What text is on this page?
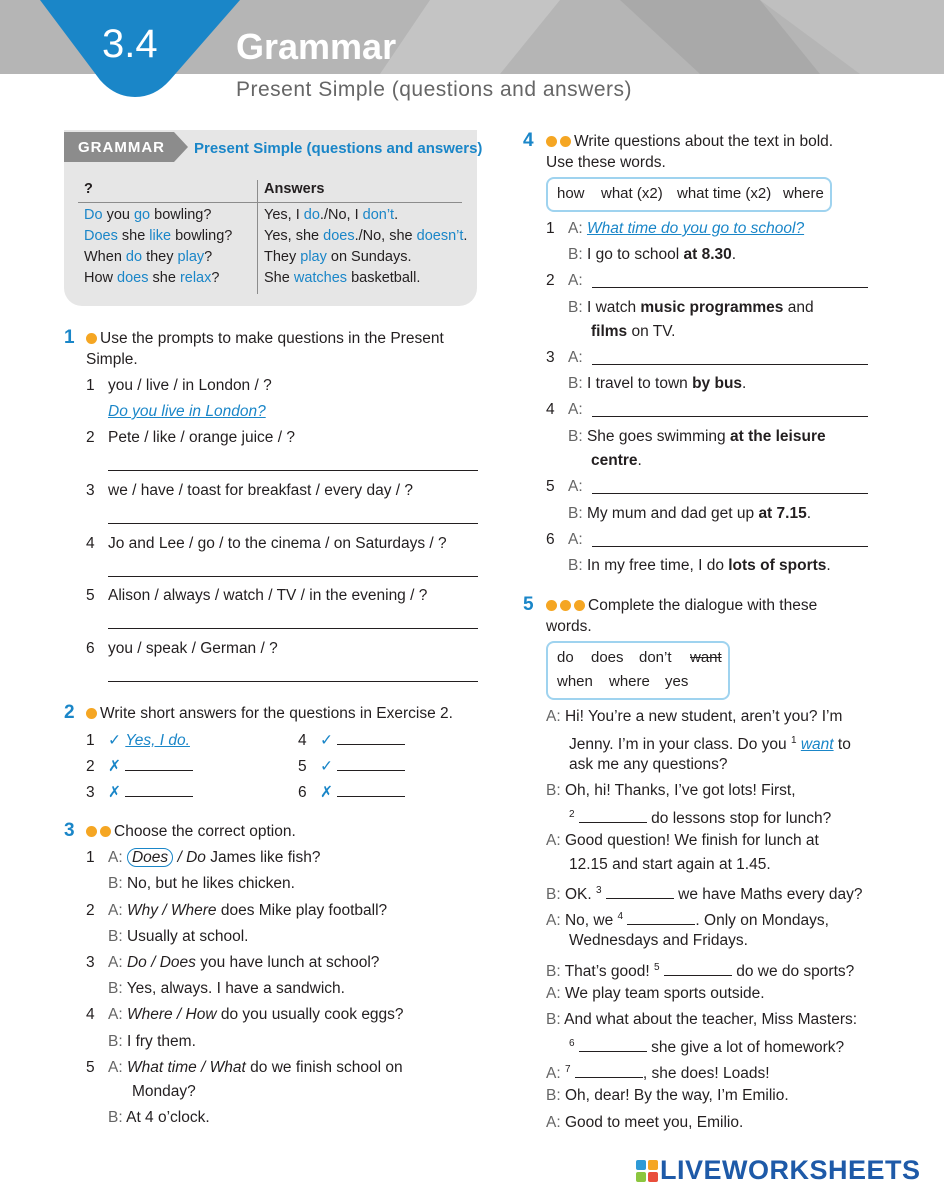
3.4 Grammar
Present Simple (questions and answers)
GRAMMAR Present Simple (questions and answers)
?	Answers
Do you go bowling?	Yes, I do./No, I don’t.
Does she like bowling? Yes, she does./No, she doesn’t.
When do they play?	They play on Sundays.
How does she relax?	She watches basketball.
1	Use the prompts to make questions in the Present
Simple.
1 you / live / in London / ?
Do you live in London?
2 Pete / like / orange juice / ?
3 we / have / toast for breakfast / every day / ?
4 Jo and Lee / go / to the cinema / on Saturdays / ?
5 Alison / always / watch / TV / in the evening / ?
6 you / speak / German / ?
2	Write short answers for the questions in Exercise 2.
1 ✓ Yes, I do.
2 ✗
3 ✗
4 ✓
5 ✓
6 ✗
3	Choose the correct option.
1 A: Does / Do James like fish?
B: No, but he likes chicken.
2 A: Why / Where does Mike play football?
B: Usually at school.
3 A: Do / Does you have lunch at school?
B: Yes, always. I have a sandwich.
4 A: Where / How do you usually cook eggs?
B: I fry them.
5 A: What time / What do we finish school on
Monday?
B: At 4 o’clock.
4	Write questions about the text in bold.
Use these words.
how what (x2) what time (x2) where
1 A: What time do you go to school?
B: I go to school at 8.30.
2 A:
B: I watch music programmes and
films on TV.
3 A:
B: I travel to town by bus.
4 A:
B: She goes swimming at the leisure
centre.
5 A:
B: My mum and dad get up at 7.15.
6 A:
B: In my free time, I do lots of sports.
5	Complete the dialogue with these
words.
do does don’t want
when where yes
A: Hi! You’re a new student, aren’t you? I’m
Jenny. I’m in your class. Do you $^1$ want to
ask me any questions?
B: Oh, hi! Thanks, I’ve got lots! First,
$^2$	do lessons stop for lunch?
A: Good question! We finish for lunch at
12.15 and start again at 1.45.
B: OK. $^3$	we have Maths every day?
A: No, we $^4$	. Only on Mondays,
Wednesdays and Fridays.
B: That’s good! $^5$	do we do sports?
A: We play team sports outside.
B: And what about the teacher, Miss Masters:
$^6$	she give a lot of homework?
A: $^7$	, she does! Loads!
B: Oh, dear! By the way, I’m Emilio.
A: Good to meet you, Emilio.
LIVEWORKSHEETS
